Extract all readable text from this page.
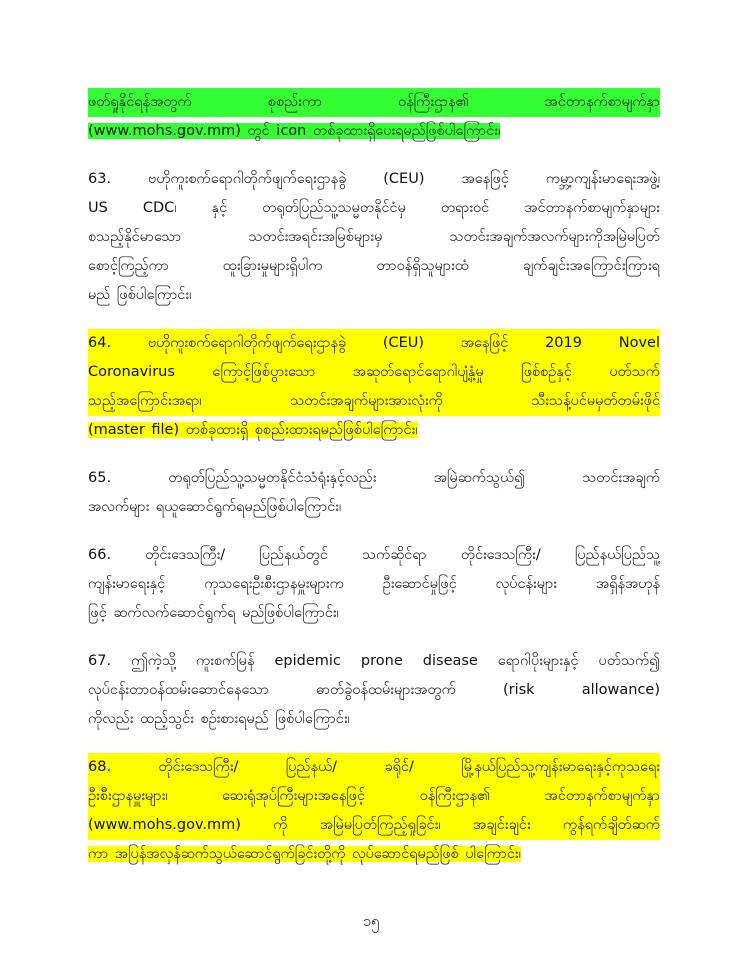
ဖတ်ရှုနိုင်ရန်အတွက် စုစည်းကာ ဝန်ကြီးဌာန၏ အင်တာနက်စာမျက်နှာ
(www.mohs.gov.mm) တွင် icon တစ်ခုထားရှိပေးရမည်ဖြစ်ပါကြောင်း၊
63. ဗဟိုကူးစက်ရောဂါတိုက်ဖျက်ရေးဌာနခွဲ (CEU) အနေဖြင့် ကမ္ဘာ့ကျန်းမာရေးအဖွဲ့၊
US CDC၊ နှင့် တရုတ်ပြည်သူ့သမ္မတနိုင်ငံမှ တရားဝင် အင်တာနက်စာမျက်နှာများ
စသည့်နိုင်မာသော သတင်းအရင်းအမြစ်များမှ သတင်းအချက်အလက်များကိုအမြဲမပြတ်
စောင့်ကြည့်ကာ ထူးခြားမှုများရှိပါက တာဝန်ရှိသူများထံ ချက်ချင်းအကြောင်းကြားရ
မည် ဖြစ်ပါကြောင်း၊
64. ဗဟိုကူးစက်ရောဂါတိုက်ဖျက်ရေးဌာနခွဲ (CEU) အနေဖြင့် 2019 Novel
Coronavirus ကြောင့်ဖြစ်ပွားသော အဆုတ်ရောင်ရောဂါပျံ့နှံ့မှု ဖြစ်စဉ်နှင့် ပတ်သက်
သည့်အကြောင်းအရာ၊ သတင်းအချက်များအားလုံးကို သီးသန့်ပင်မမှတ်တမ်းဖိုင်
(master file) တစ်ခုထားရှိ စုစည်းထားရမည်ဖြစ်ပါကြောင်း၊
65. တရုတ်ပြည်သူ့သမ္မတနိုင်ငံသံရုံးနှင့်လည်း အမြဲဆက်သွယ်၍ သတင်းအချက်
အလက်များ ရယူဆောင်ရွက်ရမည်ဖြစ်ပါကြောင်း၊
66. တိုင်းဒေသကြီး/ ပြည်နယ်တွင် သက်ဆိုင်ရာ တိုင်းဒေသကြီး/ ပြည်နယ်ပြည်သူ့
ကျန်းမာရေးနှင့် ကုသရေးဦးစီးဌာနမှူးများက ဦးဆောင်မှုဖြင့် လုပ်ငန်းများ အရှိန်အဟုန်
ဖြင့် ဆက်လက်ဆောင်ရွက်ရ မည်ဖြစ်ပါကြောင်း၊
67. ဤကဲ့သို့ ကူးစက်မြန် epidemic prone disease ရောဂါပိုးများနှင့် ပတ်သက်၍
လုပ်ငန်းတာဝန်ထမ်းဆောင်နေသော ဓာတ်ခွဲဝန်ထမ်းများအတွက် (risk allowance)
ကိုလည်း ထည့်သွင်း စဉ်းစားရမည် ဖြစ်ပါကြောင်း၊
68. တိုင်းဒေသကြီး/ ပြည်နယ်/ ခရိုင်/ မြို့နယ်ပြည်သူ့ကျန်းမာရေးနှင့်ကုသရေး
ဦးစီးဌာနမှူးများ၊ ဆေးရုံအုပ်ကြီးများအနေဖြင့် ဝန်ကြီးဌာန၏ အင်တာနက်စာမျက်နှာ
(www.mohs.gov.mm) ကို အမြဲမပြတ်ကြည့်ရှုခြင်း၊ အချင်းချင်း ကွန်ရက်ချိတ်ဆက်
ကာ အပြန်အလှန်ဆက်သွယ်ဆောင်ရွက်ခြင်းတို့ကို လုပ်ဆောင်ရမည်ဖြစ် ပါကြောင်း၊
၁၅
